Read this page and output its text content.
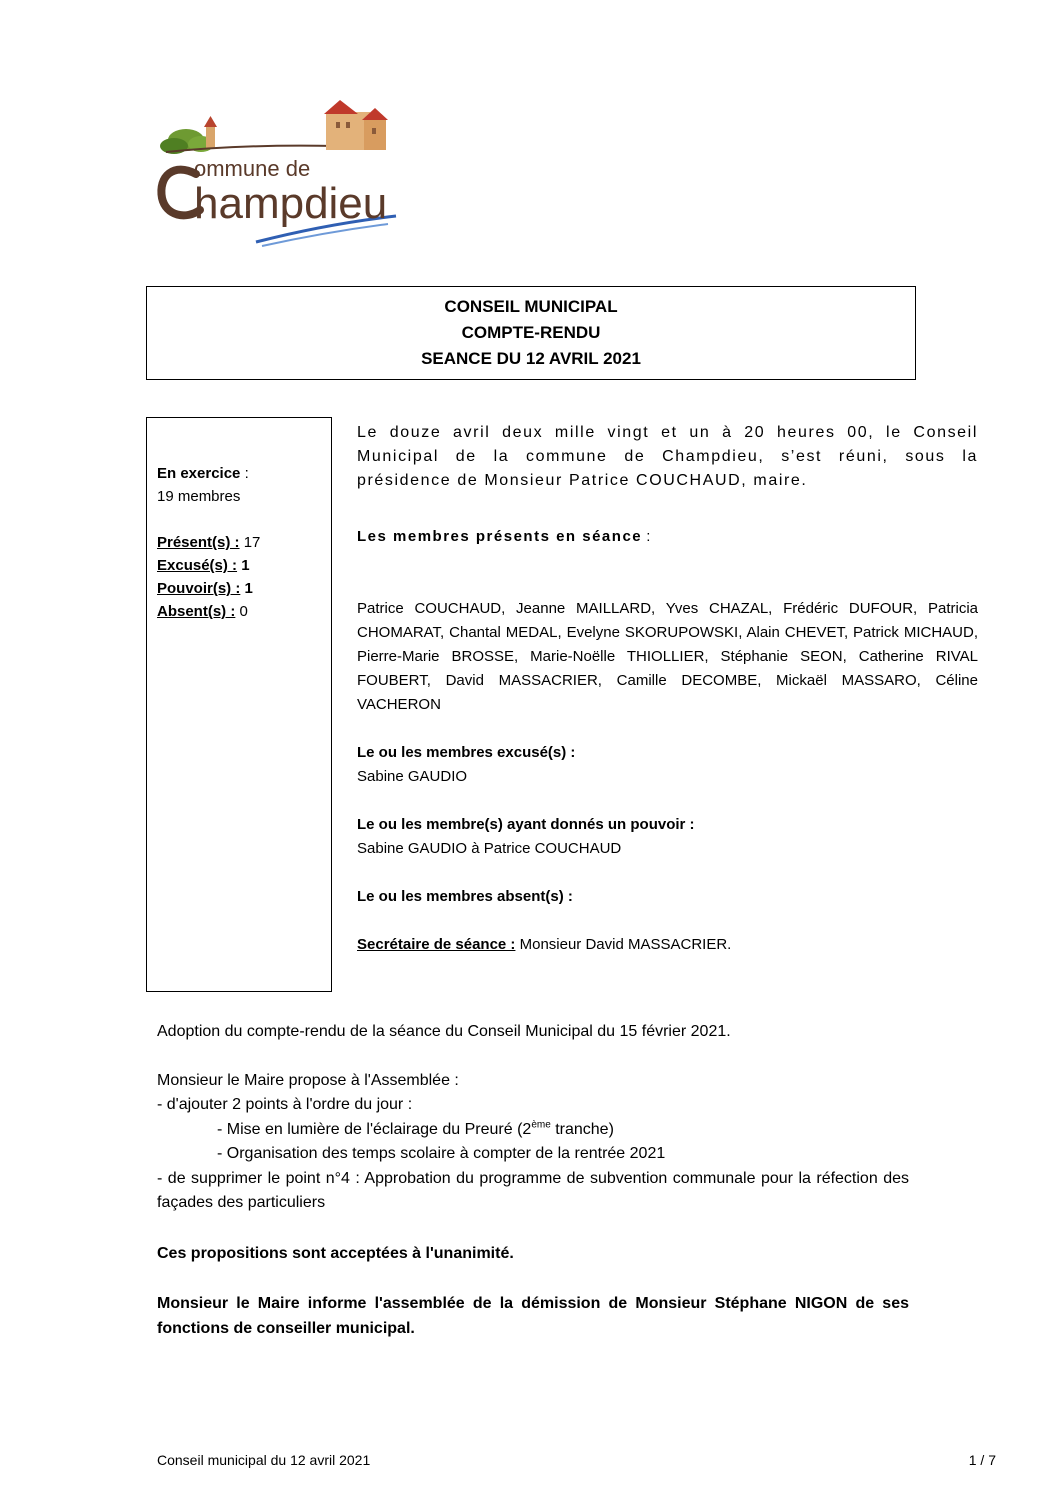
ommune de
hampdieu
CONSEIL MUNICIPAL
COMPTE-RENDU
SEANCE DU 12 AVRIL 2021
En exercice :
19 membres
Présent(s) : 17
Excusé(s) : 1
Pouvoir(s) : 1
Absent(s) : 0
Le douze avril deux mille vingt et un à 20 heures 00, le Conseil Municipal de la commune de Champdieu, s’est réuni, sous la présidence de Monsieur Patrice COUCHAUD, maire.
Les membres présents en séance :
Patrice COUCHAUD, Jeanne MAILLARD, Yves CHAZAL, Frédéric DUFOUR, Patricia CHOMARAT, Chantal MEDAL, Evelyne SKORUPOWSKI, Alain CHEVET, Patrick MICHAUD, Pierre-Marie BROSSE, Marie-Noëlle THIOLLIER, Stéphanie SEON, Catherine RIVAL FOUBERT, David MASSACRIER, Camille DECOMBE, Mickaël MASSARO, Céline VACHERON
Le ou les membres excusé(s) :
Sabine GAUDIO
Le ou les membre(s) ayant donnés un pouvoir :
Sabine GAUDIO à Patrice COUCHAUD
Le ou les membres absent(s) :
Secrétaire de séance : Monsieur David MASSACRIER.
Adoption du compte-rendu de la séance du Conseil Municipal du 15 février 2021.
Monsieur le Maire propose à l'Assemblée :
- d'ajouter 2 points à l'ordre du jour :
- Mise en lumière de l'éclairage du Preuré (2ème tranche)
- Organisation des temps scolaire à compter de la rentrée 2021
- de supprimer le point n°4 : Approbation du programme de subvention communale pour la réfection des façades des particuliers
Ces propositions sont acceptées à l'unanimité.
Monsieur le Maire informe l'assemblée de la démission de Monsieur Stéphane NIGON de ses fonctions de conseiller municipal.
Conseil municipal du 12 avril 2021	1 / 7
